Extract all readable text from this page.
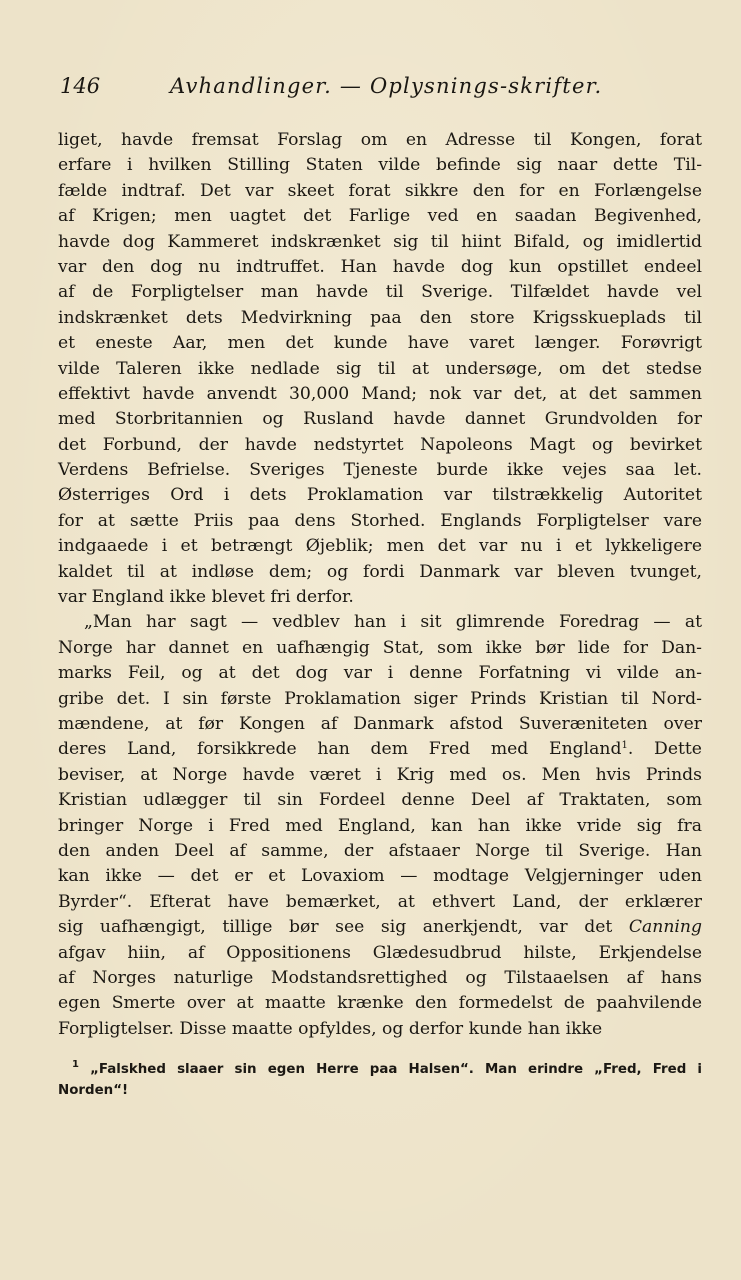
146	Avhandlinger. — Oplysnings-skrifter.
liget, havde fremsat Forslag om en Adresse til Kongen, forat
erfare i hvilken Stilling Staten vilde befinde sig naar dette Til-
fælde indtraf. Det var skeet forat sikkre den for en Forlængelse
af Krigen; men uagtet det Farlige ved en saadan Begivenhed,
havde dog Kammeret indskrænket sig til hiint Bifald, og imidlertid
var den dog nu indtruffet. Han havde dog kun opstillet endeel
af de Forpligtelser man havde til Sverige. Tilfældet havde vel
indskrænket dets Medvirkning paa den store Krigsskueplads til
et eneste Aar, men det kunde have varet længer. Forøvrigt
vilde Taleren ikke nedlade sig til at undersøge, om det stedse
effektivt havde anvendt 30,000 Mand; nok var det, at det sammen
med Storbritannien og Rusland havde dannet Grundvolden for
det Forbund, der havde nedstyrtet Napoleons Magt og bevirket
Verdens Befrielse. Sveriges Tjeneste burde ikke vejes saa let.
Østerriges Ord i dets Proklamation var tilstrækkelig Autoritet
for at sætte Priis paa dens Storhed. Englands Forpligtelser vare
indgaaede i et betrængt Øjeblik; men det var nu i et lykkeligere
kaldet til at indløse dem; og fordi Danmark var bleven tvunget,
var England ikke blevet fri derfor.
„Man har sagt — vedblev han i sit glimrende Foredrag — at
Norge har dannet en uafhængig Stat, som ikke bør lide for Dan-
marks Feil, og at det dog var i denne Forfatning vi vilde an-
gribe det. I sin første Proklamation siger Prinds Kristian til Nord-
mændene, at før Kongen af Danmark afstod Suveræniteten over
deres Land, forsikkrede han dem Fred med England$^1$. Dette
beviser, at Norge havde været i Krig med os. Men hvis Prinds
Kristian udlægger til sin Fordeel denne Deel af Traktaten, som
bringer Norge i Fred med England, kan han ikke vride sig fra
den anden Deel af samme, der afstaaer Norge til Sverige. Han
kan ikke — det er et Lovaxiom — modtage Velgjerninger uden
Byrder“. Efterat have bemærket, at ethvert Land, der erklærer
sig uafhængigt, tillige bør see sig anerkjendt, var det Canning
afgav hiin, af Oppositionens Glædesudbrud hilste, Erkjendelse
af Norges naturlige Modstandsrettighed og Tilstaaelsen af hans
egen Smerte over at maatte krænke den formedelst de paahvilende
Forpligtelser. Disse maatte opfyldes, og derfor kunde han ikke
$^1$ „Falskhed slaaer sin egen Herre paa Halsen“. Man erindre „Fred, Fred i
Norden“!
